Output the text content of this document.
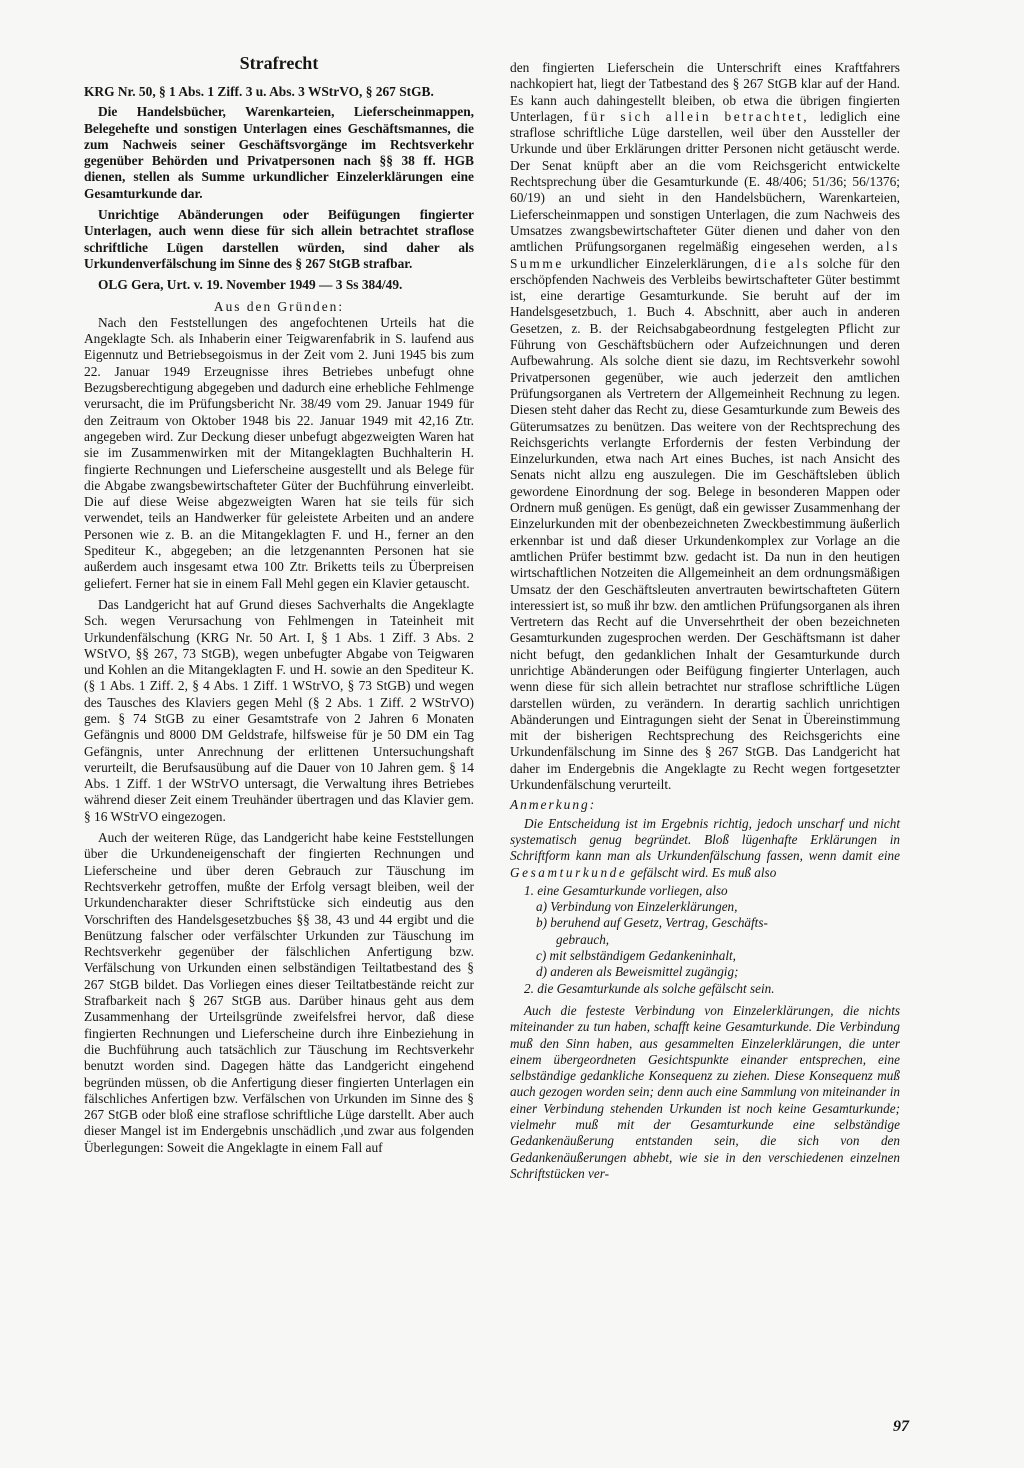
Strafrecht

KRG Nr. 50, § 1 Abs. 1 Ziff. 3 u. Abs. 3 WStrVO, § 267 StGB.

Die Handelsbücher, Warenkarteien, Lieferscheinmappen, Belegehefte und sonstigen Unterlagen eines Geschäftsmannes, die zum Nachweis seiner Geschäftsvorgänge im Rechtsverkehr gegenüber Behörden und Privatpersonen nach §§ 38 ff. HGB dienen, stellen als Summe urkundlicher Einzelerklärungen eine Gesamturkunde dar.

Unrichtige Abänderungen oder Beifügungen fingierter Unterlagen, auch wenn diese für sich allein betrachtet straflose schriftliche Lügen darstellen würden, sind daher als Urkundenverfälschung im Sinne des § 267 StGB strafbar.

OLG Gera, Urt. v. 19. November 1949 — 3 Ss 384/49.

Aus den Gründen:

Nach den Feststellungen des angefochtenen Urteils hat die Angeklagte Sch. als Inhaberin einer Teigwarenfabrik in S. laufend aus Eigennutz und Betriebsegoismus in der Zeit vom 2. Juni 1945 bis zum 22. Januar 1949 Erzeugnisse ihres Betriebes unbefugt ohne Bezugsberechtigung abgegeben und dadurch eine erhebliche Fehlmenge verursacht, die im Prüfungsbericht Nr. 38/49 vom 29. Januar 1949 für den Zeitraum von Oktober 1948 bis 22. Januar 1949 mit 42,16 Ztr. angegeben wird. Zur Deckung dieser unbefugt abgezweigten Waren hat sie im Zusammenwirken mit der Mitangeklagten Buchhalterin H. fingierte Rechnungen und Lieferscheine ausgestellt und als Belege für die Abgabe zwangsbewirtschafteter Güter der Buchführung einverleibt. Die auf diese Weise abgezweigten Waren hat sie teils für sich verwendet, teils an Handwerker für geleistete Arbeiten und an andere Personen wie z. B. an die Mitangeklagten F. und H., ferner an den Spediteur K., abgegeben; an die letzgenannten Personen hat sie außerdem auch insgesamt etwa 100 Ztr. Briketts teils zu Überpreisen geliefert. Ferner hat sie in einem Fall Mehl gegen ein Klavier getauscht.

Das Landgericht hat auf Grund dieses Sachverhalts die Angeklagte Sch. wegen Verursachung von Fehlmengen in Tateinheit mit Urkundenfälschung (KRG Nr. 50 Art. I, § 1 Abs. 1 Ziff. 3 Abs. 2 WStVO, §§ 267, 73 StGB), wegen unbefugter Abgabe von Teigwaren und Kohlen an die Mitangeklagten F. und H. sowie an den Spediteur K. (§ 1 Abs. 1 Ziff. 2, § 4 Abs. 1 Ziff. 1 WStrVO, § 73 StGB) und wegen des Tausches des Klaviers gegen Mehl (§ 2 Abs. 1 Ziff. 2 WStrVO) gem. § 74 StGB zu einer Gesamtstrafe von 2 Jahren 6 Monaten Gefängnis und 8000 DM Geldstrafe, hilfsweise für je 50 DM ein Tag Gefängnis, unter Anrechnung der erlittenen Untersuchungshaft verurteilt, die Berufsausübung auf die Dauer von 10 Jahren gem. § 14 Abs. 1 Ziff. 1 der WStrVO untersagt, die Verwaltung ihres Betriebes während dieser Zeit einem Treuhänder übertragen und das Klavier gem. § 16 WStrVO eingezogen.

Auch der weiteren Rüge, das Landgericht habe keine Feststellungen über die Urkundeneigenschaft der fingierten Rechnungen und Lieferscheine und über deren Gebrauch zur Täuschung im Rechtsverkehr getroffen, mußte der Erfolg versagt bleiben, weil der Urkundencharakter dieser Schriftstücke sich eindeutig aus den Vorschriften des Handelsgesetzbuches §§ 38, 43 und 44 ergibt und die Benützung falscher oder verfälschter Urkunden zur Täuschung im Rechtsverkehr gegenüber der fälschlichen Anfertigung bzw. Verfälschung von Urkunden einen selbständigen Teiltatbestand des § 267 StGB bildet. Das Vorliegen eines dieser Teiltatbestände reicht zur Strafbarkeit nach § 267 StGB aus. Darüber hinaus geht aus dem Zusammenhang der Urteilsgründe zweifelsfrei hervor, daß diese fingierten Rechnungen und Lieferscheine durch ihre Einbeziehung in die Buchführung auch tatsächlich zur Täuschung im Rechtsverkehr benutzt worden sind. Dagegen hätte das Landgericht eingehend begründen müssen, ob die Anfertigung dieser fingierten Unterlagen ein fälschliches Anfertigen bzw. Verfälschen von Urkunden im Sinne des § 267 StGB oder bloß eine straflose schriftliche Lüge darstellt. Aber auch dieser Mangel ist im Endergebnis unschädlich ,und zwar aus folgenden Überlegungen: Soweit die Angeklagte in einem Fall auf

den fingierten Lieferschein die Unterschrift eines Kraftfahrers nachkopiert hat, liegt der Tatbestand des § 267 StGB klar auf der Hand. Es kann auch dahingestellt bleiben, ob etwa die übrigen fingierten Unterlagen, für sich allein betrachtet, lediglich eine straflose schriftliche Lüge darstellen, weil über den Aussteller der Urkunde und über Erklärungen dritter Personen nicht getäuscht werde. Der Senat knüpft aber an die vom Reichsgericht entwickelte Rechtsprechung über die Gesamturkunde (E. 48/406; 51/36; 56/1376; 60/19) an und sieht in den Handelsbüchern, Warenkarteien, Lieferscheinmappen und sonstigen Unterlagen, die zum Nachweis des Umsatzes zwangsbewirtschafteter Güter dienen und daher von den amtlichen Prüfungsorganen regelmäßig eingesehen werden, als Summe urkundlicher Einzelerklärungen, die als solche für den erschöpfenden Nachweis des Verbleibs bewirtschafteter Güter bestimmt ist, eine derartige Gesamturkunde. Sie beruht auf der im Handelsgesetzbuch, 1. Buch 4. Abschnitt, aber auch in anderen Gesetzen, z. B. der Reichsabgabeordnung festgelegten Pflicht zur Führung von Geschäftsbüchern oder Aufzeichnungen und deren Aufbewahrung. Als solche dient sie dazu, im Rechtsverkehr sowohl Privatpersonen gegenüber, wie auch jederzeit den amtlichen Prüfungsorganen als Vertretern der Allgemeinheit Rechnung zu legen. Diesen steht daher das Recht zu, diese Gesamturkunde zum Beweis des Güterumsatzes zu benützen. Das weitere von der Rechtsprechung des Reichsgerichts verlangte Erfordernis der festen Verbindung der Einzelurkunden, etwa nach Art eines Buches, ist nach Ansicht des Senats nicht allzu eng auszulegen. Die im Geschäftsleben üblich gewordene Einordnung der sog. Belege in besonderen Mappen oder Ordnern muß genügen. Es genügt, daß ein gewisser Zusammenhang der Einzelurkunden mit der obenbezeichneten Zweckbestimmung äußerlich erkennbar ist und daß dieser Urkundenkomplex zur Vorlage an die amtlichen Prüfer bestimmt bzw. gedacht ist. Da nun in den heutigen wirtschaftlichen Notzeiten die Allgemeinheit an dem ordnungsmäßigen Umsatz der den Geschäftsleuten anvertrauten bewirtschafteten Gütern interessiert ist, so muß ihr bzw. den amtlichen Prüfungsorganen als ihren Vertretern das Recht auf die Unversehrtheit der oben bezeichneten Gesamturkunden zugesprochen werden. Der Geschäftsmann ist daher nicht befugt, den gedanklichen Inhalt der Gesamturkunde durch unrichtige Abänderungen oder Beifügung fingierter Unterlagen, auch wenn diese für sich allein betrachtet nur straflose schriftliche Lügen darstellen würden, zu verändern. In derartig sachlich unrichtigen Abänderungen und Eintragungen sieht der Senat in Übereinstimmung mit der bisherigen Rechtsprechung des Reichsgerichts eine Urkundenfälschung im Sinne des § 267 StGB. Das Landgericht hat daher im Endergebnis die Angeklagte zu Recht wegen fortgesetzter Urkundenfälschung verurteilt.

Anmerkung:

Die Entscheidung ist im Ergebnis richtig, jedoch unscharf und nicht systematisch genug begründet. Bloß lügenhafte Erklärungen in Schriftform kann man als Urkundenfälschung fassen, wenn damit eine Gesamturkunde gefälscht wird. Es muß also

1. eine Gesamturkunde vorliegen, also
a) Verbindung von Einzelerklärungen,
b) beruhend auf Gesetz, Vertrag, Geschäfts-
gebrauch,
c) mit selbständigem Gedankeninhalt,
d) anderen als Beweismittel zugängig;
2. die Gesamturkunde als solche gefälscht sein.

Auch die festeste Verbindung von Einzelerklärungen, die nichts miteinander zu tun haben, schafft keine Gesamturkunde. Die Verbindung muß den Sinn haben, aus gesammelten Einzelerklärungen, die unter einem übergeordneten Gesichtspunkte einander entsprechen, eine selbständige gedankliche Konsequenz zu ziehen. Diese Konsequenz muß auch gezogen worden sein; denn auch eine Sammlung von miteinander in einer Verbindung stehenden Urkunden ist noch keine Gesamturkunde; vielmehr muß mit der Gesamturkunde eine selbständige Gedankenäußerung entstanden sein, die sich von den Gedankenäußerungen abhebt, wie sie in den verschiedenen einzelnen Schriftstücken ver-

97
